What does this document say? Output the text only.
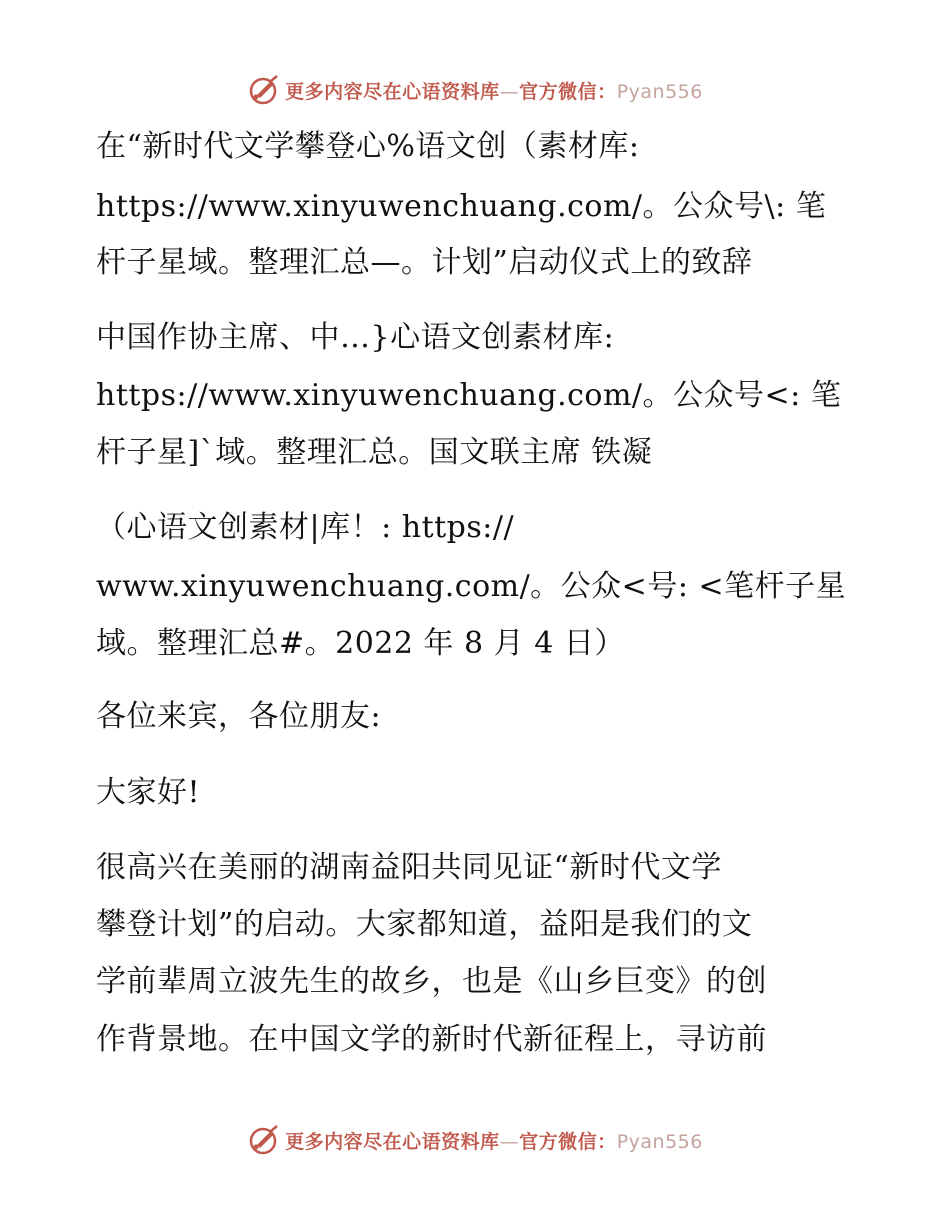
更多内容尽在心语资料库—官方微信：Pyan556
在“新时代文学攀登心%语文创（素材库:
https://www.xinyuwenchuang.com/。公众号\: 笔
杆子星域。整理汇总—。计划”启动仪式上的致辞
中国作协主席、中…}心语文创素材库:
https://www.xinyuwenchuang.com/。公众号<: 笔
杆子星]`域。整理汇总。国文联主席 铁凝
（心语文创素材|库！: https://
www.xinyuwenchuang.com/。公众<号: <笔杆子星
域。整理汇总#。2022 年 8 月 4 日）
各位来宾，各位朋友:
大家好!
很高兴在美丽的湖南益阳共同见证“新时代文学
攀登计划”的启动。大家都知道，益阳是我们的文
学前辈周立波先生的故乡，也是《山乡巨变》的创
作背景地。在中国文学的新时代新征程上，寻访前
更多内容尽在心语资料库—官方微信：Pyan556
